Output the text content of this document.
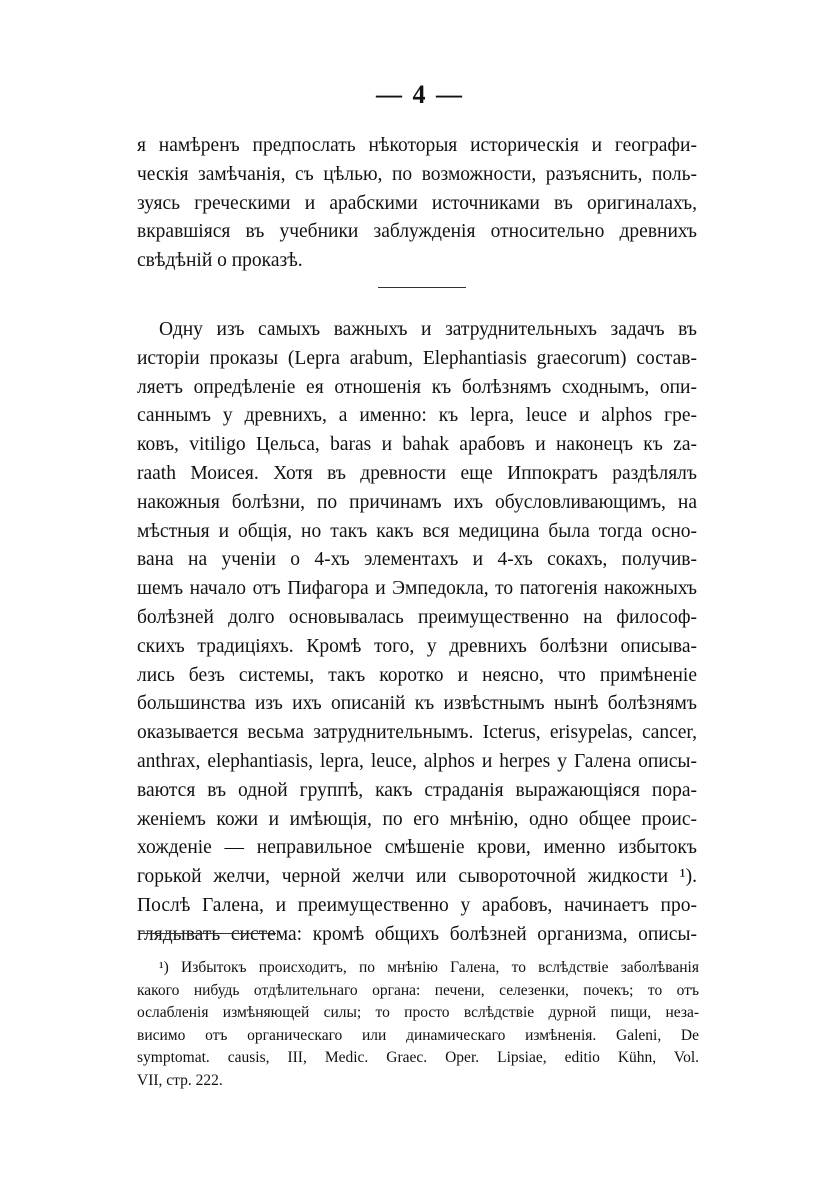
— 4 —
я намѣренъ предпослать нѣкоторыя историческія и географи-
ческія замѣчанія, съ цѣлью, по возможности, разъяснить, поль-
зуясь греческими и арабскими источниками въ оригиналахъ,
вкравшіяся въ учебники заблужденія относительно древнихъ
свѣдѣній о проказѣ.
Одну изъ самыхъ важныхъ и затруднительныхъ задачъ въ
исторіи проказы (Lepra arabum, Elephantiasis graecorum) состав-
ляетъ опредѣленіе ея отношенія къ болѣзнямъ сходнымъ, опи-
саннымъ у древнихъ, а именно: къ lepra, leuce и alphos гре-
ковъ, vitiligo Цельса, baras и bahak арабовъ и наконецъ къ za-
raath Моисея. Хотя въ древности еще Иппократъ раздѣлялъ
накожныя болѣзни, по причинамъ ихъ обусловливающимъ, на
мѣстныя и общія, но такъ какъ вся медицина была тогда осно-
вана на ученіи о 4-хъ элементахъ и 4-хъ сокахъ, получив-
шемъ начало отъ Пифагора и Эмпедокла, то патогенія накожныхъ
болѣзней долго основывалась преимущественно на философ-
скихъ традиціяхъ. Кромѣ того, у древнихъ болѣзни описыва-
лись безъ системы, такъ коротко и неясно, что примѣненіе
большинства изъ ихъ описаній къ извѣстнымъ нынѣ болѣзнямъ
оказывается весьма затруднительнымъ. Icterus, erisypelas, cancer,
anthrax, elephantiasis, lepra, leuce, alphos и herpes у Галена описы-
ваются въ одной группѣ, какъ страданія выражающіяся пора-
женіемъ кожи и имѣющія, по его мнѣнію, одно общее проис-
хожденіе — неправильное смѣшеніе крови, именно избытокъ
горькой желчи, черной желчи или сывороточной жидкости ¹).
Послѣ Галена, и преимущественно у арабовъ, начинаетъ про-
глядывать система: кромѣ общихъ болѣзней организма, описы-
¹) Избытокъ происходитъ, по мнѣнію Галена, то вслѣдствіе заболѣванія
какого нибудь отдѣлительнаго органа: печени, селезенки, почекъ; то отъ
ослабленія измѣняющей силы; то просто вслѣдствіе дурной пищи, неза-
висимо отъ органическаго или динамическаго измѣненія. Galeni, De
symptomat. causis, III, Medic. Graec. Oper. Lipsiae, editio Kühn, Vol.
VII, стр. 222.
